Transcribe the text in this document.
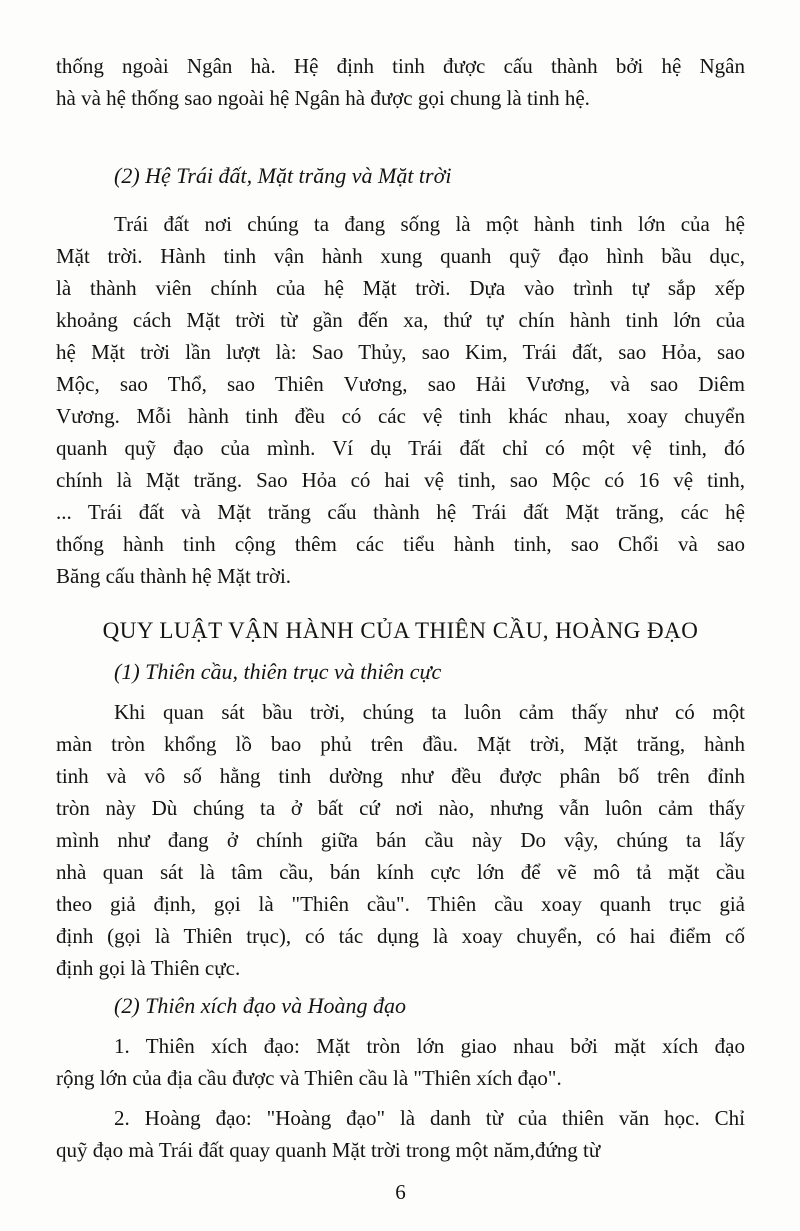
thống ngoài Ngân hà. Hệ định tinh được cấu thành bởi hệ Ngân
hà và hệ thống sao ngoài hệ Ngân hà được gọi chung là tinh hệ.
(2) Hệ Trái đất, Mặt trăng và Mặt trời
Trái đất nơi chúng ta đang sống là một hành tinh lớn của hệ
Mặt trời. Hành tinh vận hành xung quanh quỹ đạo hình bầu dục,
là thành viên chính của hệ Mặt trời. Dựa vào trình tự sắp xếp
khoảng cách Mặt trời từ gần đến xa, thứ tự chín hành tinh lớn của
hệ Mặt trời lần lượt là: Sao Thủy, sao Kim, Trái đất, sao Hỏa, sao
Mộc, sao Thổ, sao Thiên Vương, sao Hải Vương, và sao Diêm
Vương. Mỗi hành tinh đều có các vệ tinh khác nhau, xoay chuyển
quanh quỹ đạo của mình. Ví dụ Trái đất chỉ có một vệ tinh, đó
chính là Mặt trăng. Sao Hỏa có hai vệ tinh, sao Mộc có 16 vệ tinh,
... Trái đất và Mặt trăng cấu thành hệ Trái đất Mặt trăng, các hệ
thống hành tinh cộng thêm các tiểu hành tinh, sao Chổi và sao
Băng cấu thành hệ Mặt trời.
QUY LUẬT VẬN HÀNH CỦA THIÊN CẦU, HOÀNG ĐẠO
(1) Thiên cầu, thiên trục và thiên cực
Khi quan sát bầu trời, chúng ta luôn cảm thấy như có một
màn tròn khổng lồ bao phủ trên đầu. Mặt trời, Mặt trăng, hành
tinh và vô số hằng tinh dường như đều được phân bố trên đỉnh
tròn này Dù chúng ta ở bất cứ nơi nào, nhưng vẫn luôn cảm thấy
mình như đang ở chính giữa bán cầu này Do vậy, chúng ta lấy
nhà quan sát là tâm cầu, bán kính cực lớn để vẽ mô tả mặt cầu
theo giả định, gọi là "Thiên cầu". Thiên cầu xoay quanh trục giả
định (gọi là Thiên trục), có tác dụng là xoay chuyển, có hai điểm cố
định gọi là Thiên cực.
(2) Thiên xích đạo và Hoàng đạo
1. Thiên xích đạo: Mặt tròn lớn giao nhau bởi mặt xích đạo
rộng lớn của địa cầu được và Thiên cầu là "Thiên xích đạo".
2. Hoàng đạo: "Hoàng đạo" là danh từ của thiên văn học. Chỉ
quỹ đạo mà Trái đất quay quanh Mặt trời trong một năm,đứng từ
6
